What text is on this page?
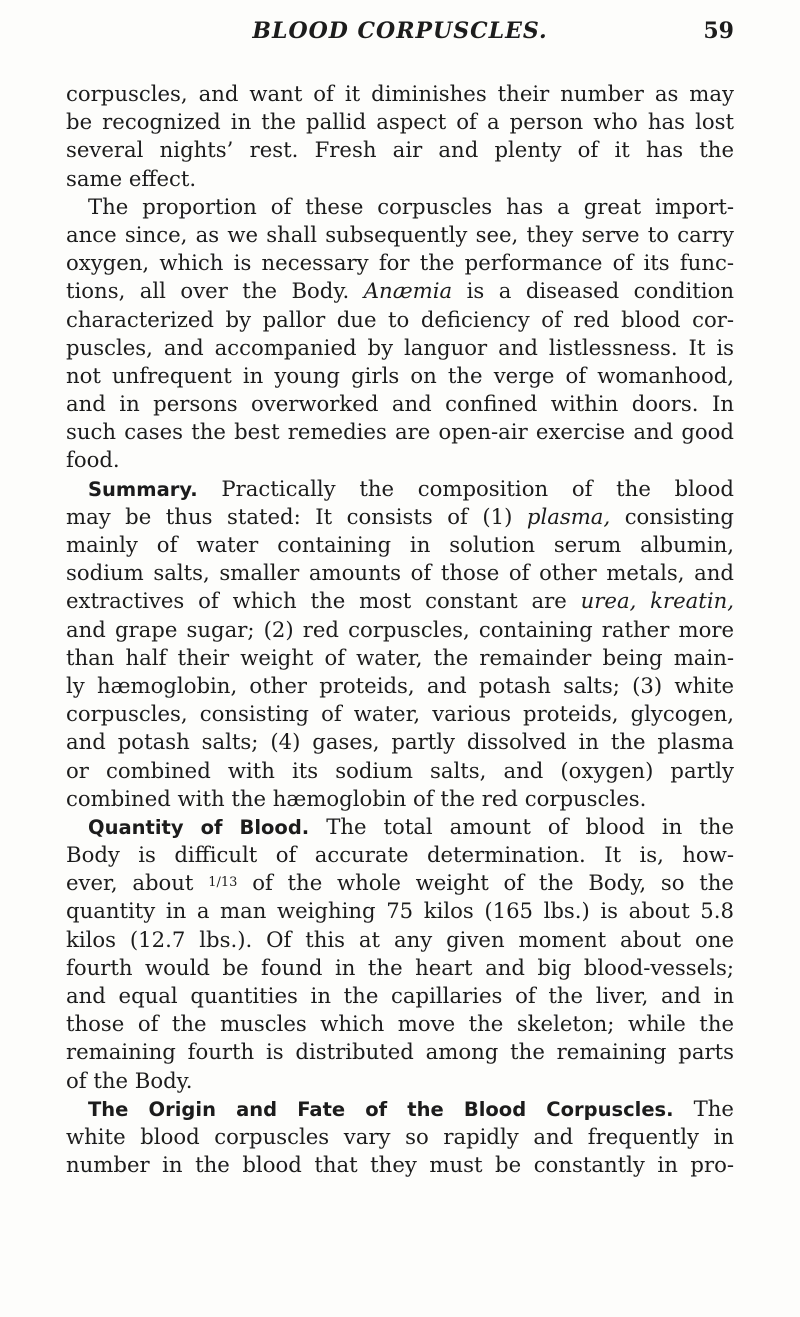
BLOOD CORPUSCLES.	59
corpuscles, and want of it diminishes their number as may
be recognized in the pallid aspect of a person who has lost
several nights’ rest. Fresh air and plenty of it has the
same effect.
The proportion of these corpuscles has a great import-
ance since, as we shall subsequently see, they serve to carry
oxygen, which is necessary for the performance of its func-
tions, all over the Body. Anæmia is a diseased condition
characterized by pallor due to deficiency of red blood cor-
puscles, and accompanied by languor and listlessness. It is
not unfrequent in young girls on the verge of womanhood,
and in persons overworked and confined within doors. In
such cases the best remedies are open-air exercise and good
food.
Summary. Practically the composition of the blood
may be thus stated: It consists of (1) plasma, consisting
mainly of water containing in solution serum albumin,
sodium salts, smaller amounts of those of other metals, and
extractives of which the most constant are urea, kreatin,
and grape sugar; (2) red corpuscles, containing rather more
than half their weight of water, the remainder being main-
ly hæmoglobin, other proteids, and potash salts; (3) white
corpuscles, consisting of water, various proteids, glycogen,
and potash salts; (4) gases, partly dissolved in the plasma
or combined with its sodium salts, and (oxygen) partly
combined with the hæmoglobin of the red corpuscles.
Quantity of Blood. The total amount of blood in the
Body is difficult of accurate determination. It is, how-
ever, about 1/13 of the whole weight of the Body, so the
quantity in a man weighing 75 kilos (165 lbs.) is about 5.8
kilos (12.7 lbs.). Of this at any given moment about one
fourth would be found in the heart and big blood-vessels;
and equal quantities in the capillaries of the liver, and in
those of the muscles which move the skeleton; while the
remaining fourth is distributed among the remaining parts
of the Body.
The Origin and Fate of the Blood Corpuscles. The
white blood corpuscles vary so rapidly and frequently in
number in the blood that they must be constantly in pro-
